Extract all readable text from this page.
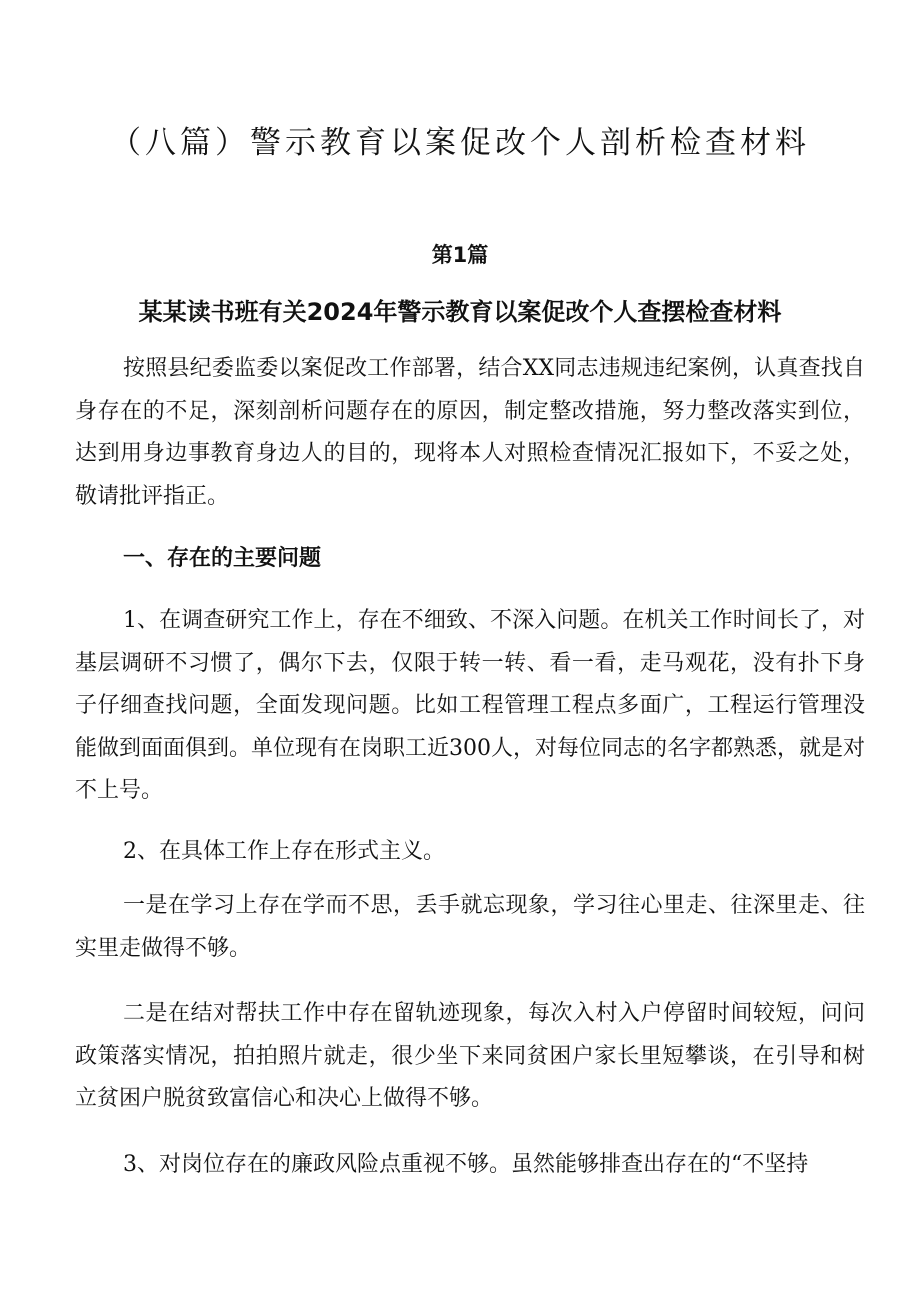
（八篇）警示教育以案促改个人剖析检查材料
第1篇
某某读书班有关2024年警示教育以案促改个人查摆检查材料

按照县纪委监委以案促改工作部署，结合XX同志违规违纪案例，认真查找自身存在的不足，深刻剖析问题存在的原因，制定整改措施，努力整改落实到位，达到用身边事教育身边人的目的，现将本人对照检查情况汇报如下，不妥之处，敬请批评指正。

一、存在的主要问题

1、在调查研究工作上，存在不细致、不深入问题。在机关工作时间长了，对基层调研不习惯了，偶尔下去，仅限于转一转、看一看，走马观花，没有扑下身子仔细查找问题，全面发现问题。比如工程管理工程点多面广，工程运行管理没能做到面面俱到。单位现有在岗职工近300人，对每位同志的名字都熟悉，就是对不上号。

2、在具体工作上存在形式主义。

一是在学习上存在学而不思，丢手就忘现象，学习往心里走、往深里走、往实里走做得不够。

二是在结对帮扶工作中存在留轨迹现象，每次入村入户停留时间较短，问问政策落实情况，拍拍照片就走，很少坐下来同贫困户家长里短攀谈，在引导和树立贫困户脱贫致富信心和决心上做得不够。

3、对岗位存在的廉政风险点重视不够。虽然能够排查出存在的“不坚持
